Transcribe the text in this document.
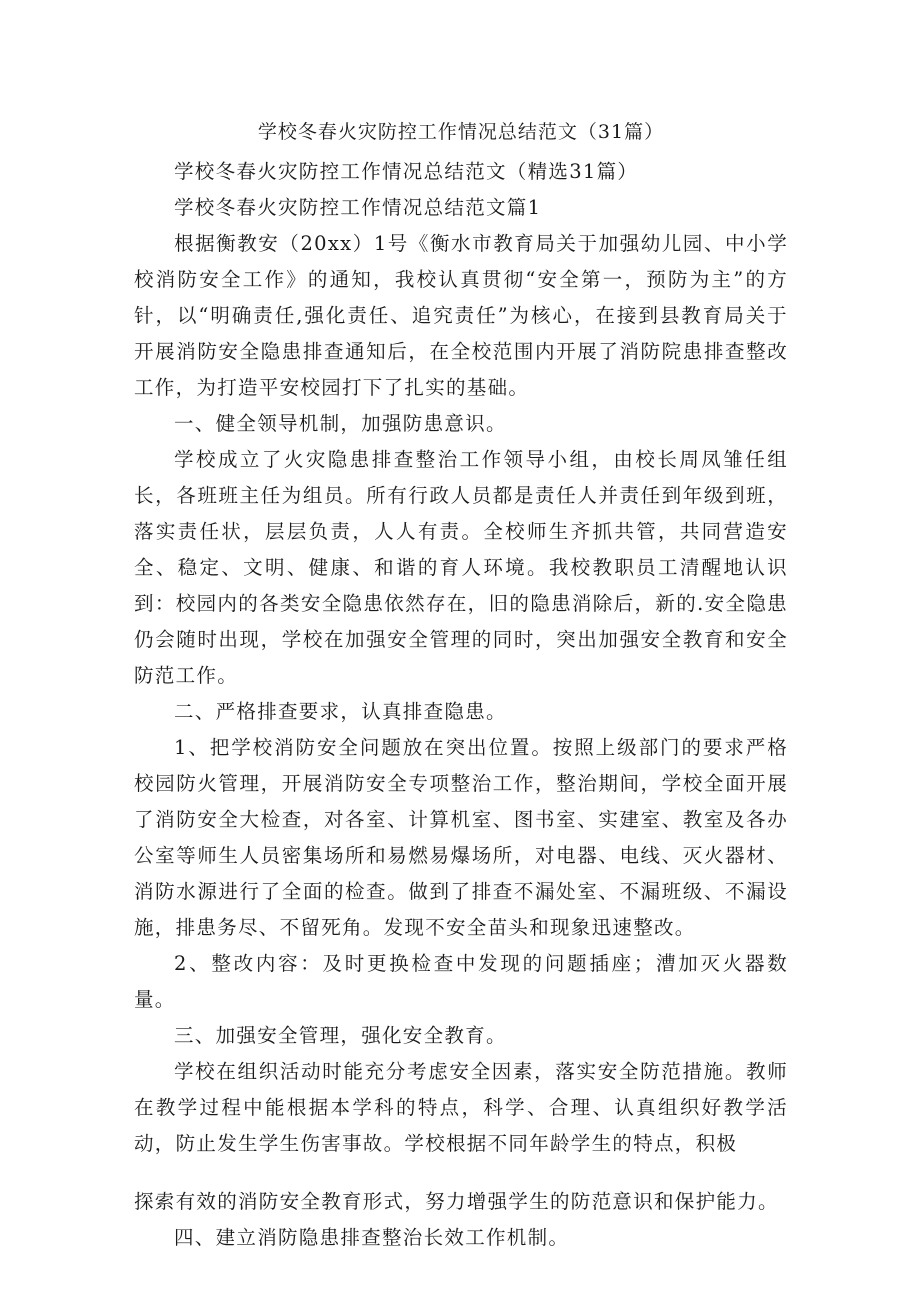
学校冬春火灾防控工作情况总结范文（31篇）

学校冬春火灾防控工作情况总结范文（精选31篇）

学校冬春火灾防控工作情况总结范文篇1

根据衡教安（20xx）1号《衡水市教育局关于加强幼儿园、中小学校消防安全工作》的通知，我校认真贯彻“安全第一，预防为主”的方针，以“明确责任,强化责任、追究责任”为核心，在接到县教育局关于开展消防安全隐患排查通知后，在全校范围内开展了消防院患排查整改工作，为打造平安校园打下了扎实的基础。

一、健全领导机制，加强防患意识。

学校成立了火灾隐患排查整治工作领导小组，由校长周凤雏任组长，各班班主任为组员。所有行政人员都是责任人并责任到年级到班，落实责任状，层层负责，人人有责。全校师生齐抓共管，共同营造安全、稳定、文明、健康、和谐的育人环境。我校教职员工清醒地认识到：校园内的各类安全隐患依然存在，旧的隐患消除后，新的.安全隐患仍会随时出现，学校在加强安全管理的同时，突出加强安全教育和安全防范工作。

二、严格排查要求，认真排查隐患。

1、把学校消防安全问题放在突出位置。按照上级部门的要求严格校园防火管理，开展消防安全专项整治工作，整治期间，学校全面开展了消防安全大检查，对各室、计算机室、图书室、实建室、教室及各办公室等师生人员密集场所和易燃易爆场所，对电器、电线、灭火器材、消防水源进行了全面的检查。做到了排查不漏处室、不漏班级、不漏设施，排患务尽、不留死角。发现不安全苗头和现象迅速整改。

2、整改内容：及时更换检查中发现的问题插座；漕加灭火器数量。

三、加强安全管理，强化安全教育。

学校在组织活动时能充分考虑安全因素，落实安全防范措施。教师在教学过程中能根据本学科的特点，科学、合理、认真组织好教学活动，防止发生学生伤害事故。学校根据不同年龄学生的特点，积极

探索有效的消防安全教育形式，努力增强学生的防范意识和保护能力。

四、建立消防隐患排查整治长效工作机制。
